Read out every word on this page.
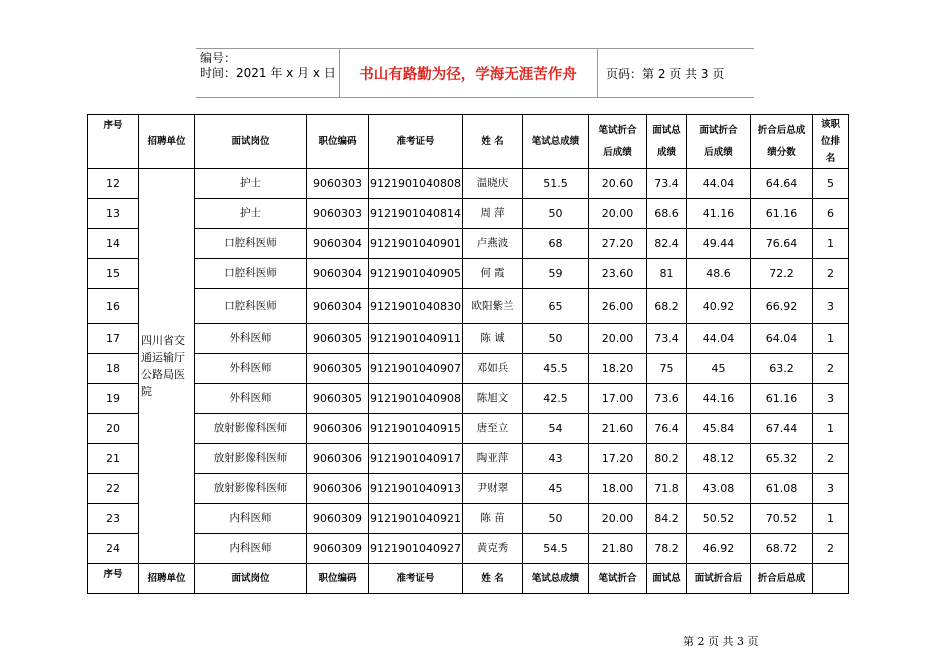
编号：
时间：2021 年 x 月 x 日	书山有路勤为径，学海无涯苦作舟	页码：第 2 页 共 3 页
序号	招聘单位	面试岗位	职位编码	准考证号	姓 名	笔试总成绩	笔试折合后成绩	面试总成绩	面试折合后成绩	折合后总成绩分数	该职位排名
12	四川省交通运输厅公路局医院	护士	9060303	9121901040808	温晓庆	51.5	20.60	73.4	44.04	64.64	5
13		护士	9060303	9121901040814	周 萍	50	20.00	68.6	41.16	61.16	6
14		口腔科医师	9060304	9121901040901	卢燕波	68	27.20	82.4	49.44	76.64	1
15		口腔科医师	9060304	9121901040905	何 霞	59	23.60	81	48.6	72.2	2
16		口腔科医师	9060304	9121901040830	欧阳紫兰	65	26.00	68.2	40.92	66.92	3
17		外科医师	9060305	9121901040911	陈 诚	50	20.00	73.4	44.04	64.04	1
18		外科医师	9060305	9121901040907	邓如兵	45.5	18.20	75	45	63.2	2
19		外科医师	9060305	9121901040908	陈旭文	42.5	17.00	73.6	44.16	61.16	3
20		放射影像科医师	9060306	9121901040915	唐至立	54	21.60	76.4	45.84	67.44	1
21		放射影像科医师	9060306	9121901040917	陶亚萍	43	17.20	80.2	48.12	65.32	2
22		放射影像科医师	9060306	9121901040913	尹财翠	45	18.00	71.8	43.08	61.08	3
23		内科医师	9060309	9121901040921	陈 苗	50	20.00	84.2	50.52	70.52	1
24		内科医师	9060309	9121901040927	黄克秀	54.5	21.80	78.2	46.92	68.72	2
序号	招聘单位	面试岗位	职位编码	准考证号	姓 名	笔试总成绩	笔试折合	面试总	面试折合后	折合后总成	
第 2 页 共 3 页
